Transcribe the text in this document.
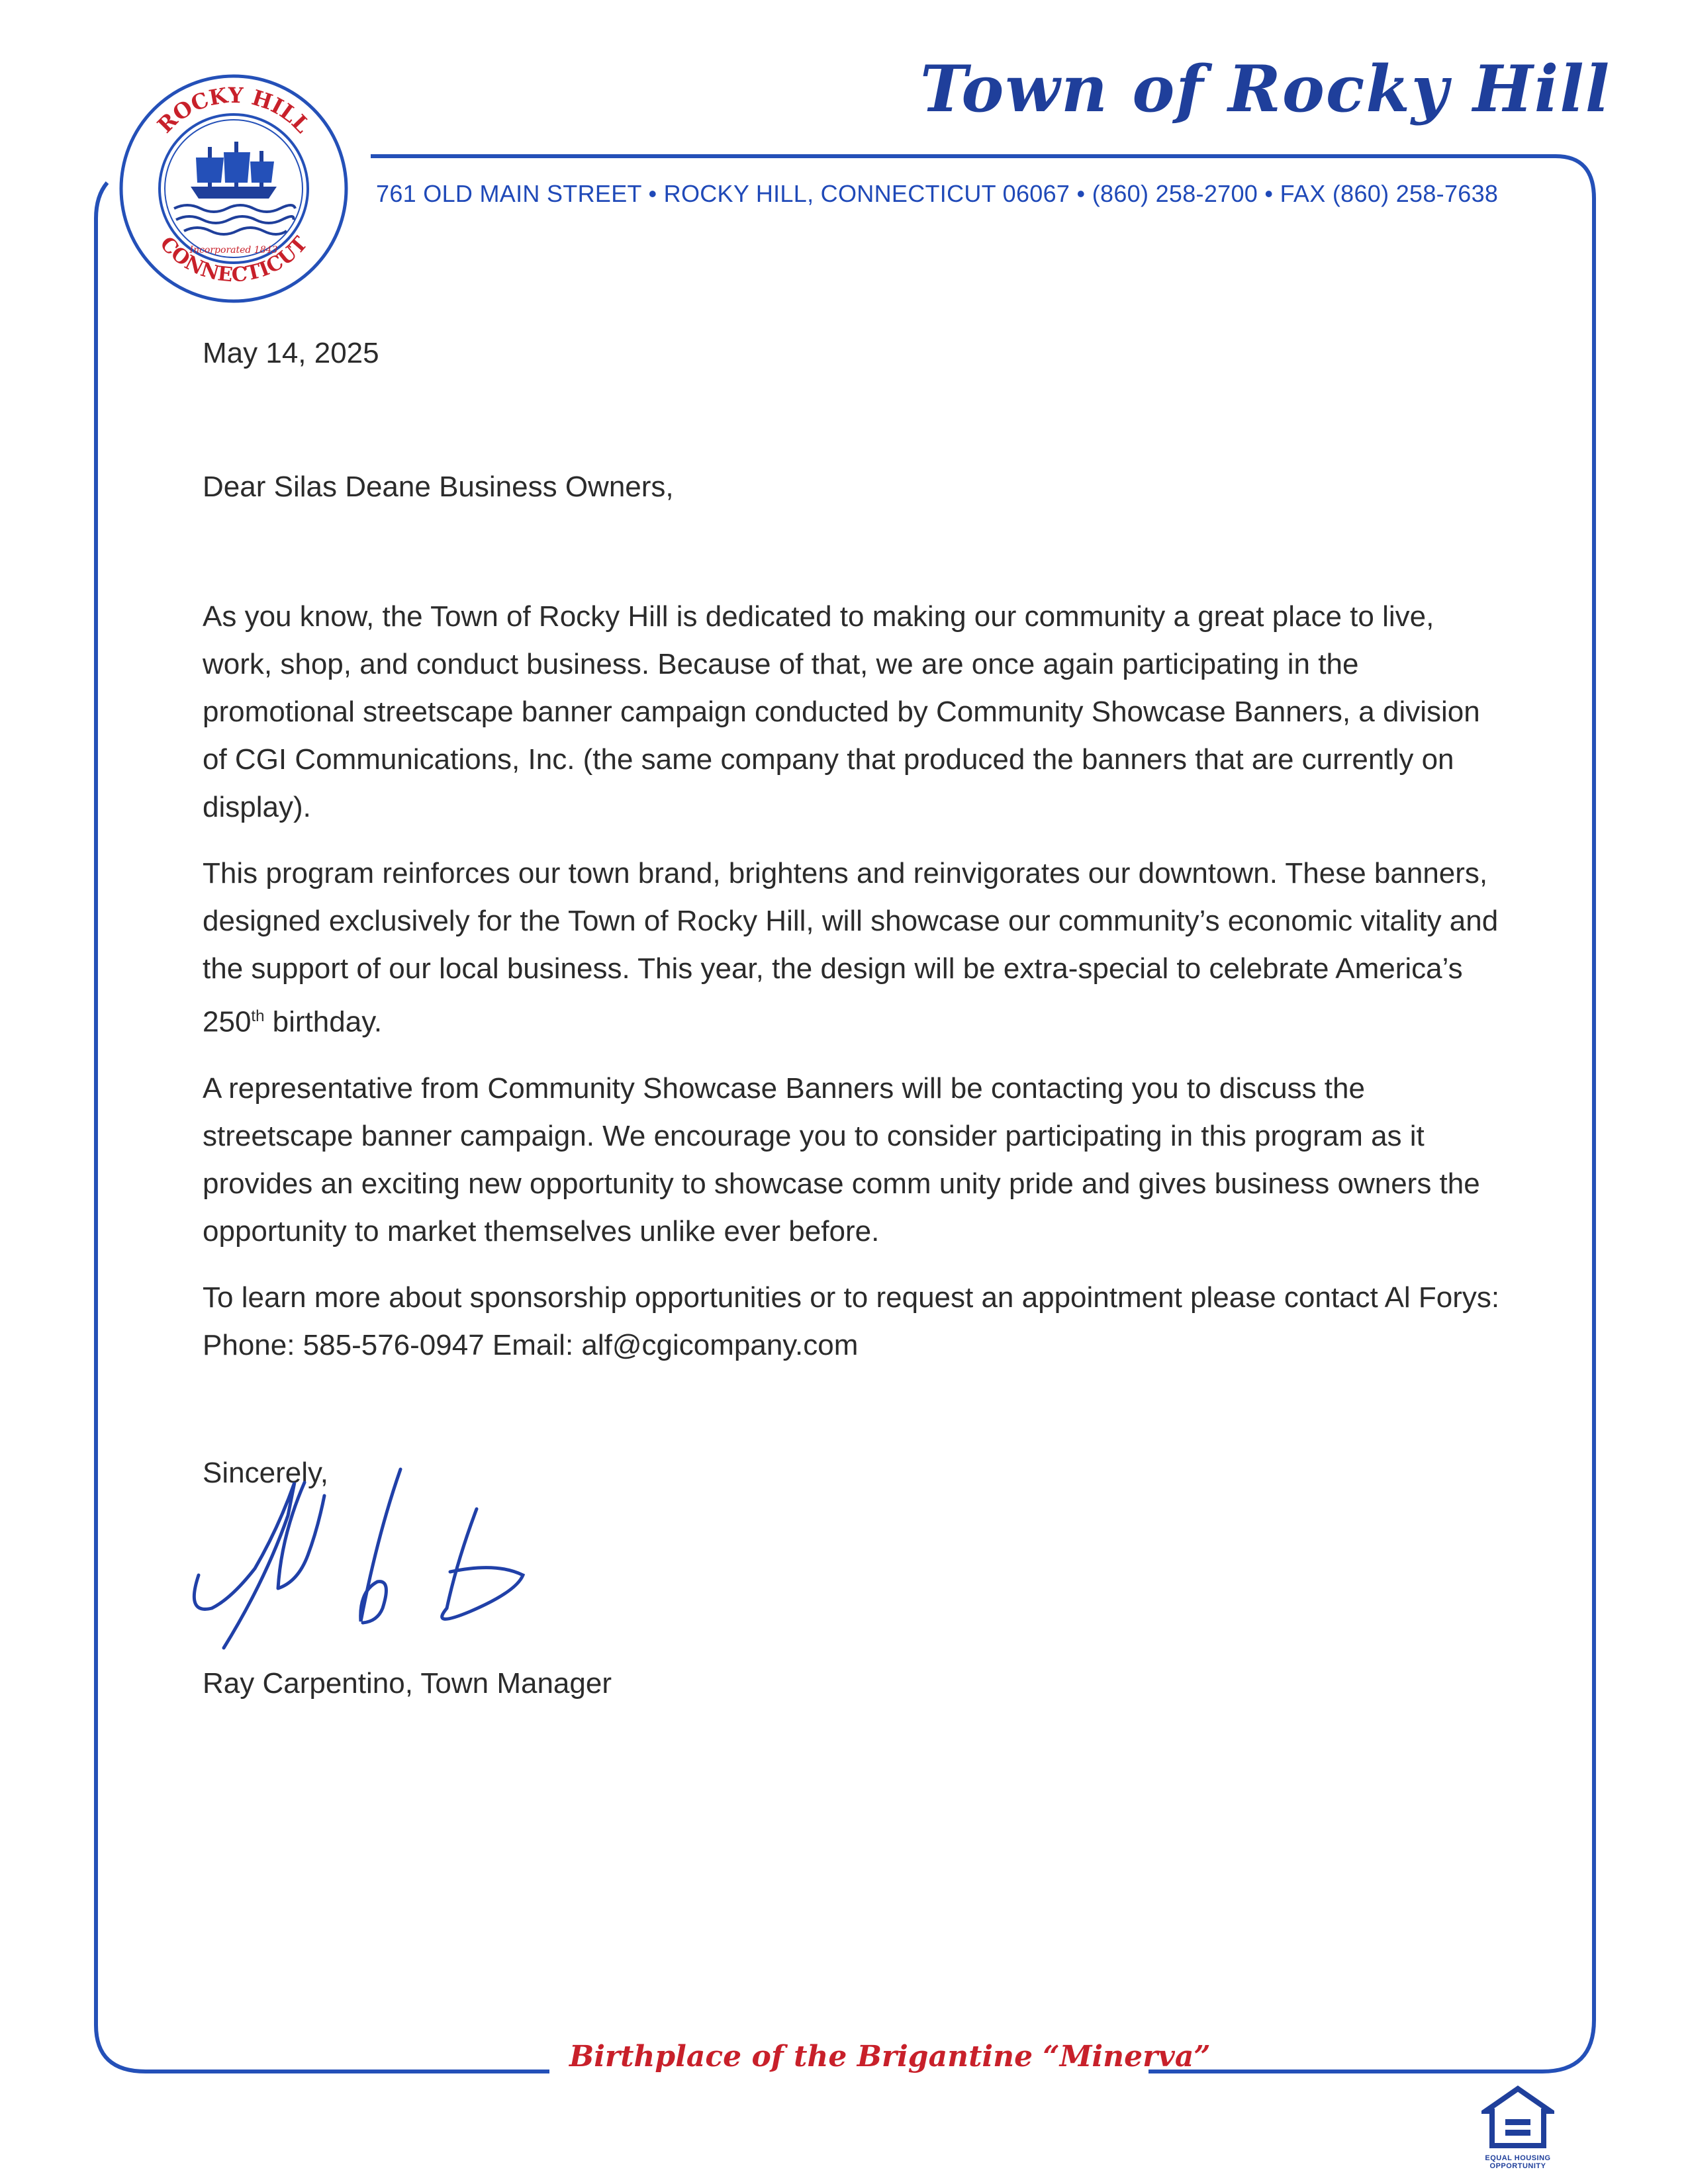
ROCKY HILL
CONNECTICUT
Incorporated 1843
Town of Rocky Hill
761 OLD MAIN STREET • ROCKY HILL, CONNECTICUT 06067 • (860) 258-2700 • FAX (860) 258-7638
May 14, 2025
Dear Silas Deane Business Owners,

As you know, the Town of Rocky Hill is dedicated to making our community a great place to live, work, shop, and conduct business. Because of that, we are once again participating in the promotional streetscape banner campaign conducted by Community Showcase Banners, a division of CGI Communications, Inc. (the same company that produced the banners that are currently on display).

This program reinforces our town brand, brightens and reinvigorates our downtown. These banners, designed exclusively for the Town of Rocky Hill, will showcase our community’s economic vitality and the support of our local business. This year, the design will be extra-special to celebrate America’s 250th birthday.

A representative from Community Showcase Banners will be contacting you to discuss the streetscape banner campaign. We encourage you to consider participating in this program as it provides an exciting new opportunity to showcase comm unity pride and gives business owners the opportunity to market themselves unlike ever before.

To learn more about sponsorship opportunities or to request an appointment please contact Al Forys: Phone: 585-576-0947 Email: alf@cgicompany.com

Sincerely,
Ray Carpentino, Town Manager
Birthplace of the Brigantine “Minerva”
EQUAL HOUSING OPPORTUNITY
